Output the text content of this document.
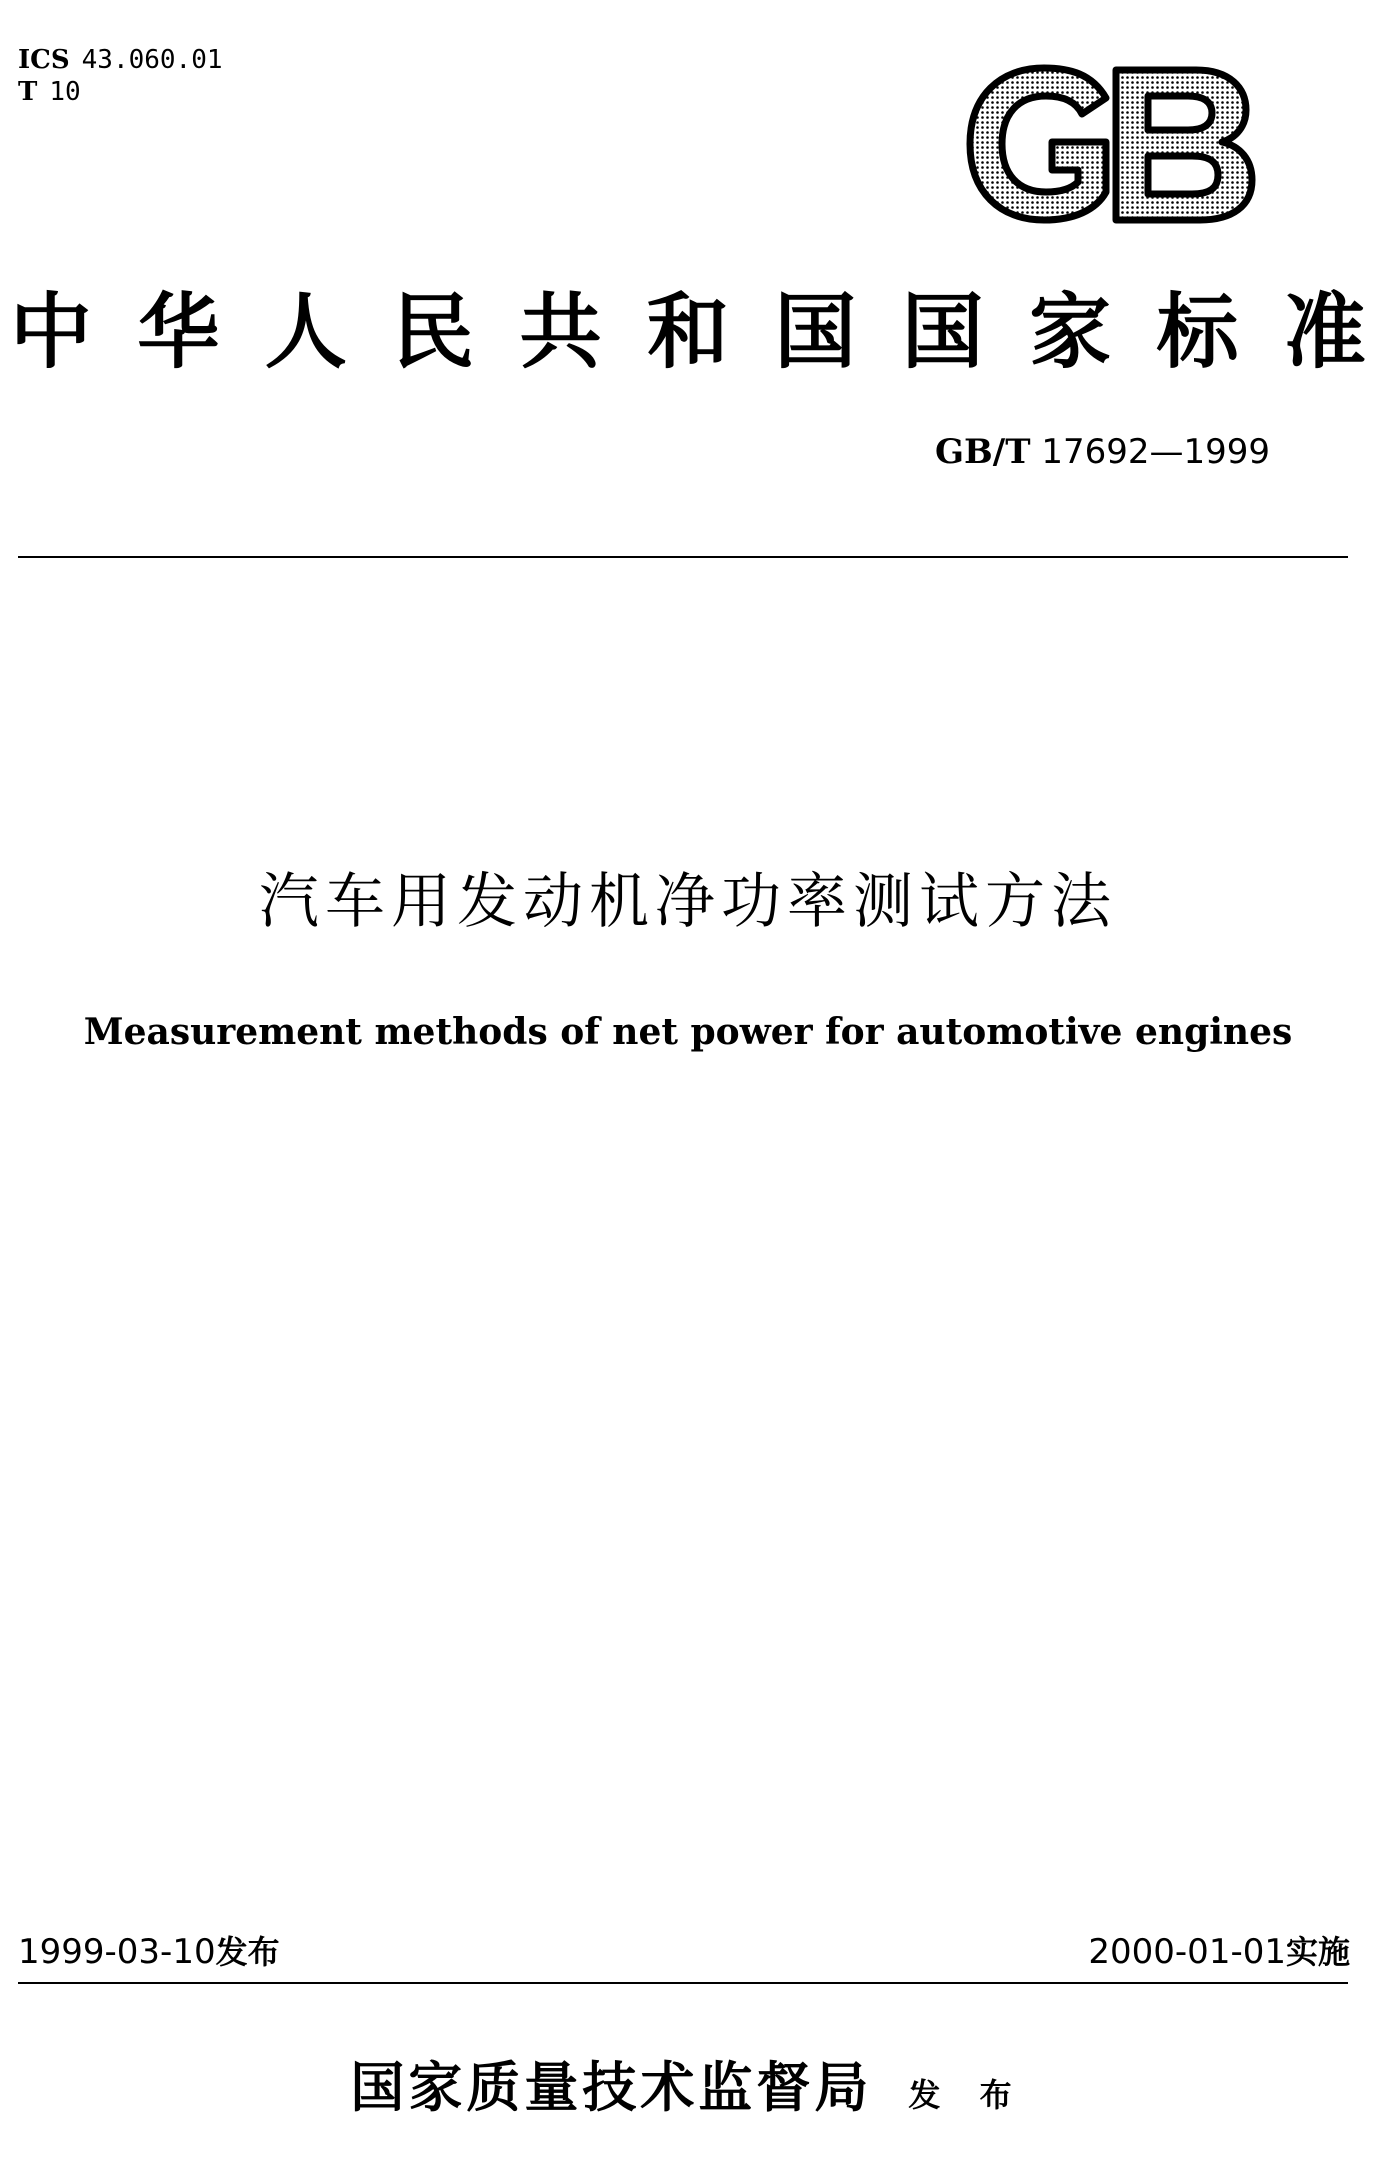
ICS 43.060.01
T 10
GB
中 华 人 民 共 和 国 国 家 标 准
GB/T 17692—1999
汽车用发动机净功率测试方法
Measurement methods of net power for automotive engines
1999-03-10发布	2000-01-01实施
国家质量技术监督局 发 布
